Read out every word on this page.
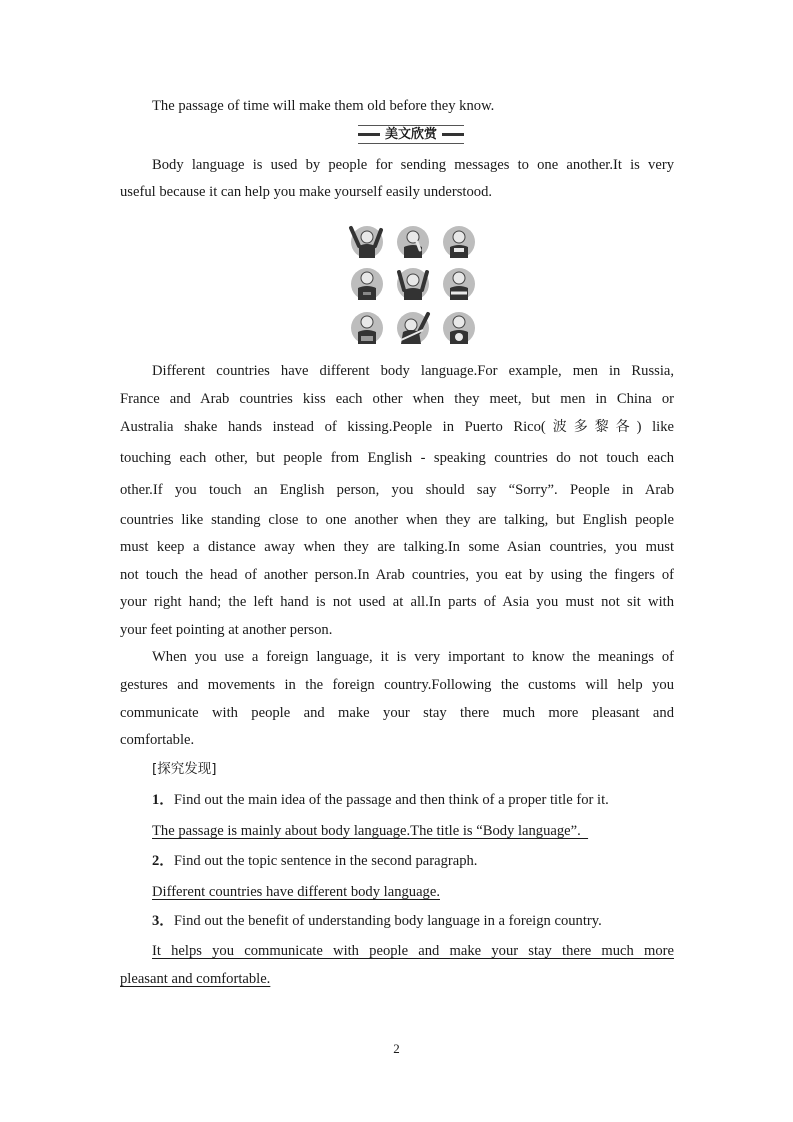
The passage of time will make them old before they know.
美文欣赏
Body language is used by people for sending messages to one another.It is very
useful because it can help you make yourself easily understood.
Different countries have different body language.For example, men in Russia,
France and Arab countries kiss each other when they meet, but men in China or
Australia shake hands instead of kissing.People in Puerto Rico(波多黎各) like
touching each other, but people from English - speaking countries do not touch each
other.If you touch an English person, you should say “Sorry”. People in Arab
countries like standing close to one another when they are talking, but English people
must keep a distance away when they are talking.In some Asian countries, you must
not touch the head of another person.In Arab countries, you eat by using the fingers of
your right hand; the left hand is not used at all.In parts of Asia you must not sit with
your feet pointing at another person.
When you use a foreign language, it is very important to know the meanings of
gestures and movements in the foreign country.Following the customs will help you
communicate with people and make your stay there much more pleasant and
comfortable.
[探究发现]
1．Find out the main idea of the passage and then think of a proper title for it.
The passage is mainly about body language.The title is “Body language”.
2．Find out the topic sentence in the second paragraph.
Different countries have different body language.
3．Find out the benefit of understanding body language in a foreign country.
It helps you communicate with people and make your stay there much more
pleasant and comfortable.
2
